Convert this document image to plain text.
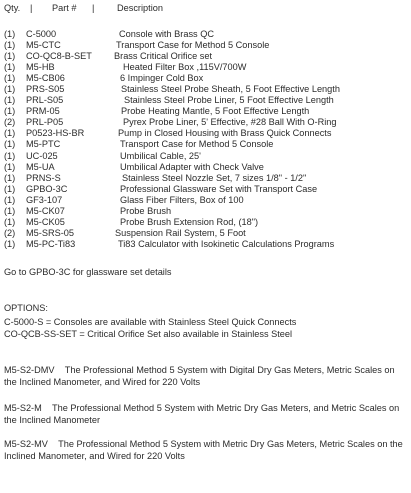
Qty. | Part # | Description
(1) C-5000	Console with Brass QC
(1) M5-CTC	Transport Case for Method 5 Console
(1) CO-QC8-B-SET Brass Critical Orifice set
(1) M5-HB	Heated Filter Box ,115V/700W
(1) M5-CB06	6 Impinger Cold Box
(1) PRS-S05	Stainless Steel Probe Sheath, 5 Foot Effective Length
(1) PRL-S05	Stainless Steel Probe Liner, 5 Foot Effective Length
(1) PRM-05	Probe Heating Mantle, 5 Foot Effective Length
(2) PRL-P05	Pyrex Probe Liner, 5' Effective, #28 Ball With O-Ring
(1) P0523-HS-BR	Pump in Closed Housing with Brass Quick Connects
(1) M5-PTC	Transport Case for Method 5 Console
(1) UC-025	Umbilical Cable, 25'
(1) M5-UA	Umbilical Adapter with Check Valve
(1) PRNS-S	Stainless Steel Nozzle Set, 7 sizes 1/8" - 1/2"
(1) GPBO-3C	Professional Glassware Set with Transport Case
(1) GF3-107	Glass Fiber Filters, Box of 100
(1) M5-CK07	Probe Brush
(1) M5-CK05	Probe Brush Extension Rod, (18")
(2) M5-SRS-05	Suspension Rail System, 5 Foot
(1) M5-PC-Ti83	Ti83 Calculator with Isokinetic Calculations Programs

Go to GPBO-3C for glassware set details

OPTIONS:

C-5000-S = Consoles are available with Stainless Steel Quick Connects

CO-QCB-SS-SET = Critical Orifice Set also available in Stainless Steel

M5-S2-DMV The Professional Method 5 System with Digital Dry Gas Meters, Metric Scales on the Inclined Manometer, and Wired for 220 Volts

M5-S2-M The Professional Method 5 System with Metric Dry Gas Meters, and Metric Scales on the Inclined Manometer

M5-S2-MV The Professional Method 5 System with Metric Dry Gas Meters, Metric Scales on the Inclined Manometer, and Wired for 220 Volts
